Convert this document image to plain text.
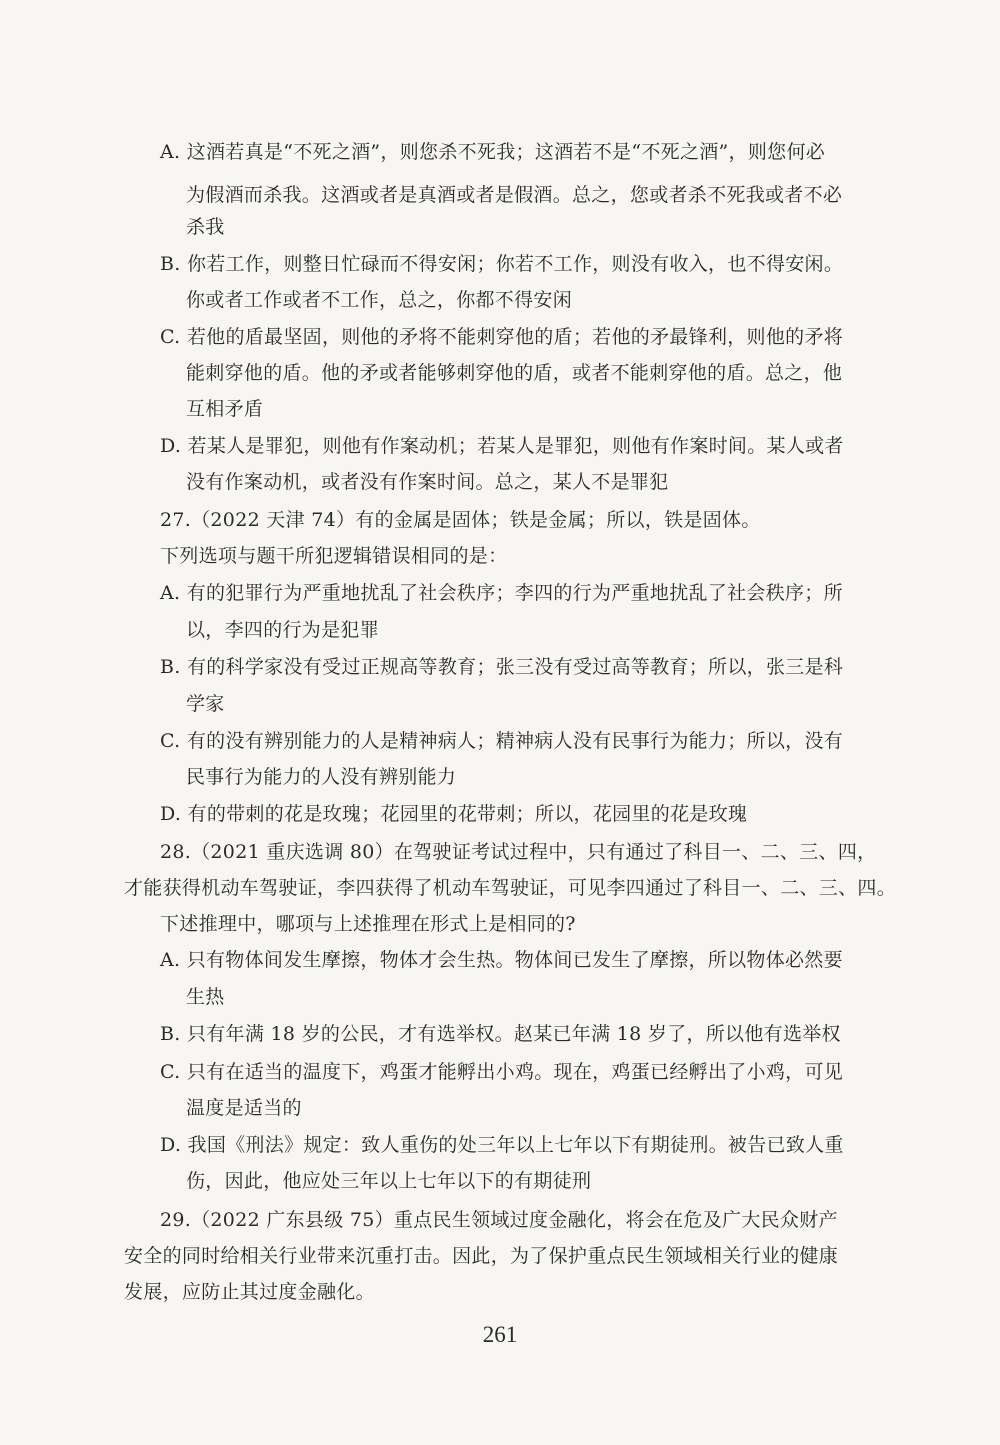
A. 这酒若真是“不死之酒”，则您杀不死我；这酒若不是“不死之酒”，则您何必
为假酒而杀我。这酒或者是真酒或者是假酒。总之，您或者杀不死我或者不必
杀我
B. 你若工作，则整日忙碌而不得安闲；你若不工作，则没有收入，也不得安闲。
你或者工作或者不工作，总之，你都不得安闲
C. 若他的盾最坚固，则他的矛将不能刺穿他的盾；若他的矛最锋利，则他的矛将
能刺穿他的盾。他的矛或者能够刺穿他的盾，或者不能刺穿他的盾。总之，他
互相矛盾
D. 若某人是罪犯，则他有作案动机；若某人是罪犯，则他有作案时间。某人或者
没有作案动机，或者没有作案时间。总之，某人不是罪犯
27.（2022 天津 74）有的金属是固体；铁是金属；所以，铁是固体。
下列选项与题干所犯逻辑错误相同的是：
A. 有的犯罪行为严重地扰乱了社会秩序；李四的行为严重地扰乱了社会秩序；所
以，李四的行为是犯罪
B. 有的科学家没有受过正规高等教育；张三没有受过高等教育；所以，张三是科
学家
C. 有的没有辨别能力的人是精神病人；精神病人没有民事行为能力；所以，没有
民事行为能力的人没有辨别能力
D. 有的带刺的花是玫瑰；花园里的花带刺；所以，花园里的花是玫瑰
28.（2021 重庆选调 80）在驾驶证考试过程中，只有通过了科目一、二、三、四，
才能获得机动车驾驶证，李四获得了机动车驾驶证，可见李四通过了科目一、二、三、四。
下述推理中，哪项与上述推理在形式上是相同的?
A. 只有物体间发生摩擦，物体才会生热。物体间已发生了摩擦，所以物体必然要
生热
B. 只有年满 18 岁的公民，才有选举权。赵某已年满 18 岁了，所以他有选举权
C. 只有在适当的温度下，鸡蛋才能孵出小鸡。现在，鸡蛋已经孵出了小鸡，可见
温度是适当的
D. 我国《刑法》规定：致人重伤的处三年以上七年以下有期徒刑。被告已致人重
伤，因此，他应处三年以上七年以下的有期徒刑
29.（2022 广东县级 75）重点民生领域过度金融化，将会在危及广大民众财产
安全的同时给相关行业带来沉重打击。因此，为了保护重点民生领域相关行业的健康
发展，应防止其过度金融化。
261
